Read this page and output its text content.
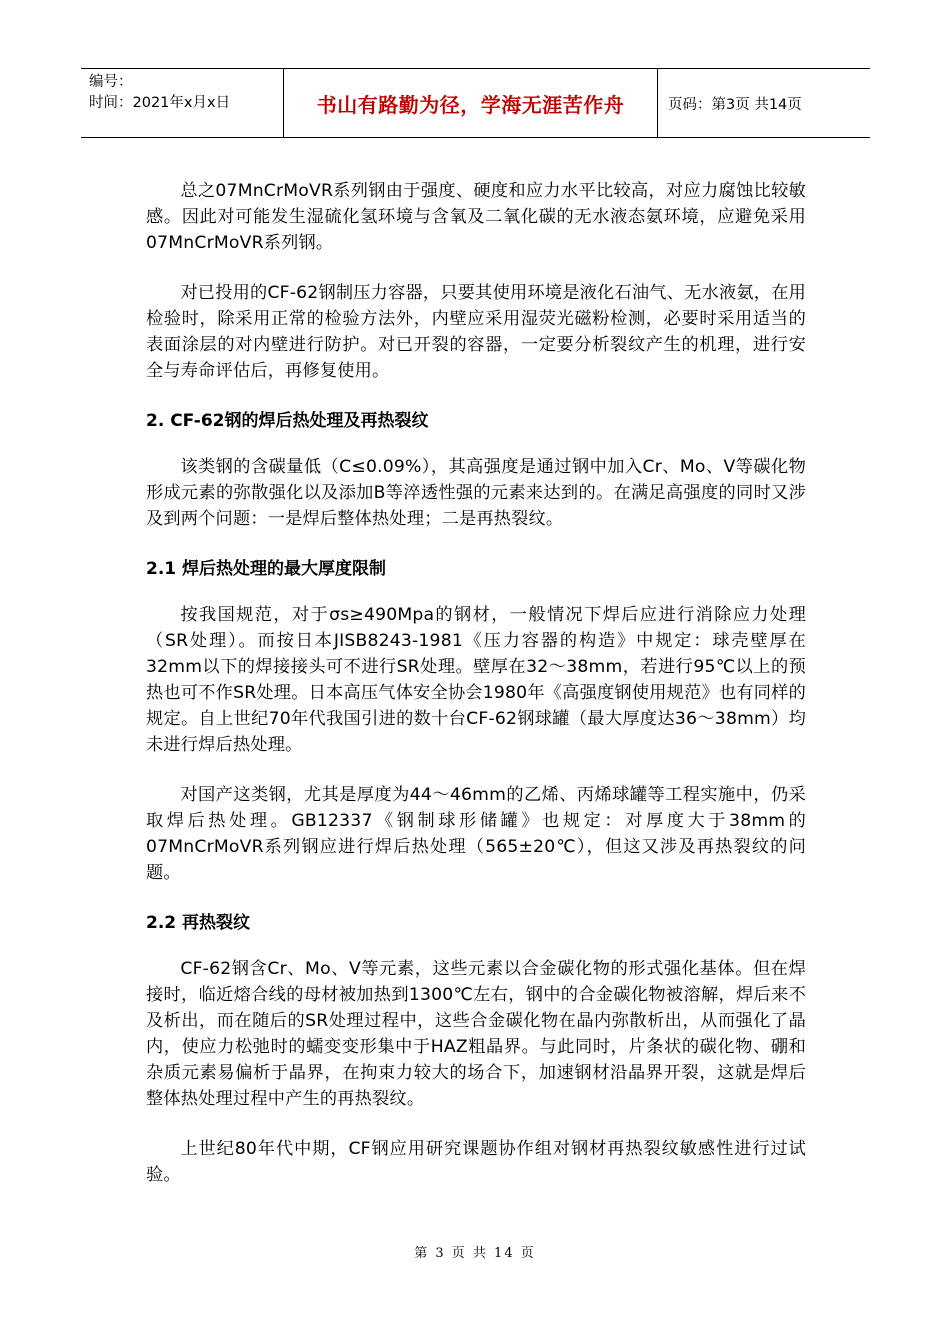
编号：
时间：2021年x月x日	书山有路勤为径，学海无涯苦作舟	页码：第3页 共14页

总之07MnCrMoVR系列钢由于强度、硬度和应力水平比较高，对应力腐蚀比较敏感。因此对可能发生湿硫化氢环境与含氧及二氧化碳的无水液态氨环境，应避免采用07MnCrMoVR系列钢。

对已投用的CF-62钢制压力容器，只要其使用环境是液化石油气、无水液氨，在用检验时，除采用正常的检验方法外，内壁应采用湿荧光磁粉检测，必要时采用适当的表面涂层的对内壁进行防护。对已开裂的容器，一定要分析裂纹产生的机理，进行安全与寿命评估后，再修复使用。

2. CF-62钢的焊后热处理及再热裂纹

该类钢的含碳量低（C≤0.09%），其高强度是通过钢中加入Cr、Mo、V等碳化物形成元素的弥散强化以及添加B等淬透性强的元素来达到的。在满足高强度的同时又涉及到两个问题：一是焊后整体热处理；二是再热裂纹。

2.1 焊后热处理的最大厚度限制

按我国规范，对于σs≥490Mpa的钢材，一般情况下焊后应进行消除应力处理（SR处理）。而按日本JISB8243-1981《压力容器的构造》中规定：球壳壁厚在32mm以下的焊接接头可不进行SR处理。壁厚在32～38mm，若进行95℃以上的预热也可不作SR处理。日本高压气体安全协会1980年《高强度钢使用规范》也有同样的规定。自上世纪70年代我国引进的数十台CF-62钢球罐（最大厚度达36～38mm）均未进行焊后热处理。

对国产这类钢，尤其是厚度为44～46mm的乙烯、丙烯球罐等工程实施中，仍采取焊后热处理。GB12337《钢制球形储罐》也规定：对厚度大于38mm的07MnCrMoVR系列钢应进行焊后热处理（565±20℃），但这又涉及再热裂纹的问题。

2.2 再热裂纹

CF-62钢含Cr、Mo、V等元素，这些元素以合金碳化物的形式强化基体。但在焊接时，临近熔合线的母材被加热到1300℃左右，钢中的合金碳化物被溶解，焊后来不及析出，而在随后的SR处理过程中，这些合金碳化物在晶内弥散析出，从而强化了晶内，使应力松弛时的蠕变变形集中于HAZ粗晶界。与此同时，片条状的碳化物、硼和杂质元素易偏析于晶界，在拘束力较大的场合下，加速钢材沿晶界开裂，这就是焊后整体热处理过程中产生的再热裂纹。

上世纪80年代中期，CF钢应用研究课题协作组对钢材再热裂纹敏感性进行过试验。

第 3 页 共 14 页
